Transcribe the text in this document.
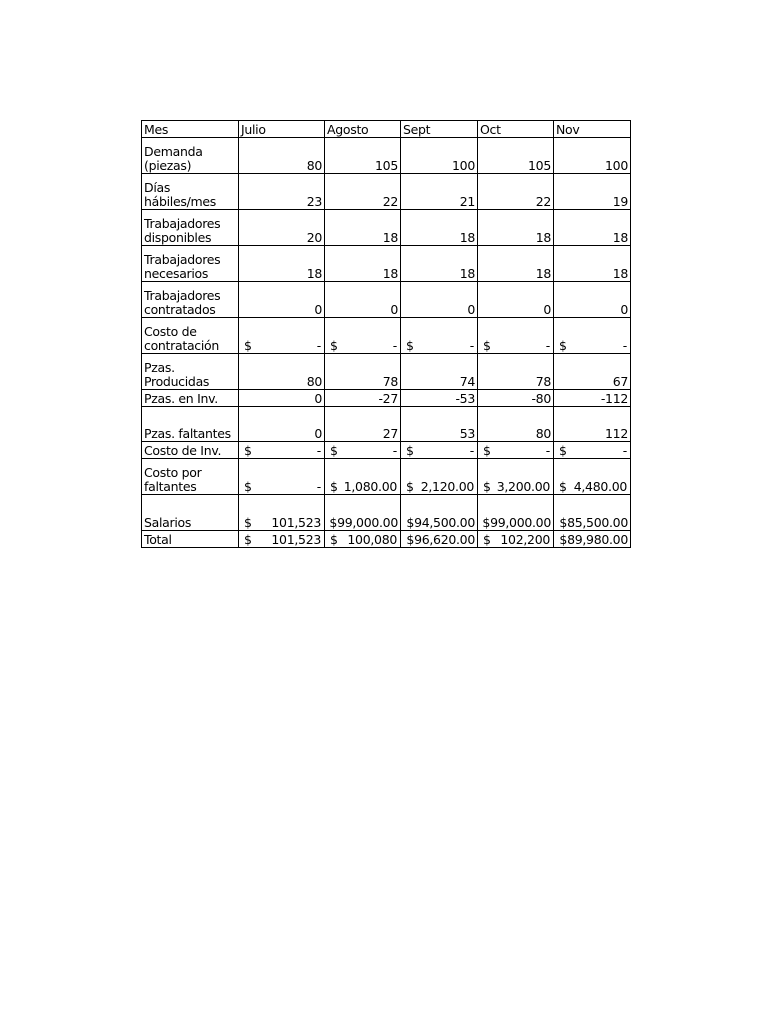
Mes	Julio	Agosto	Sept	Oct	Nov
Demanda (piezas)	80	105	100	105	100
Días hábiles/mes	23	22	21	22	19
Trabajadores disponibles	20	18	18	18	18
Trabajadores necesarios	18	18	18	18	18
Trabajadores contratados	0	0	0	0	0
Costo de contratación	$ -	$ -	$ -	$ -	$ -

Pzas. Producidas	80	78	74	78	67
Pzas. en Inv.	0	-27	-53	-80	-112
Pzas. faltantes	0	27	53	80	112
Costo de Inv.	$ -	$ -	$ -	$ -	$ -

Costo por faltantes	$ -	$ 1,080.00	$ 2,120.00	$ 3,200.00	$ 4,480.00

Salarios	$ 101,523	$99,000.00	$94,500.00	$99,000.00	$85,500.00
Total	$ 101,523	$ 100,080	$96,620.00	$ 102,200	$89,980.00
